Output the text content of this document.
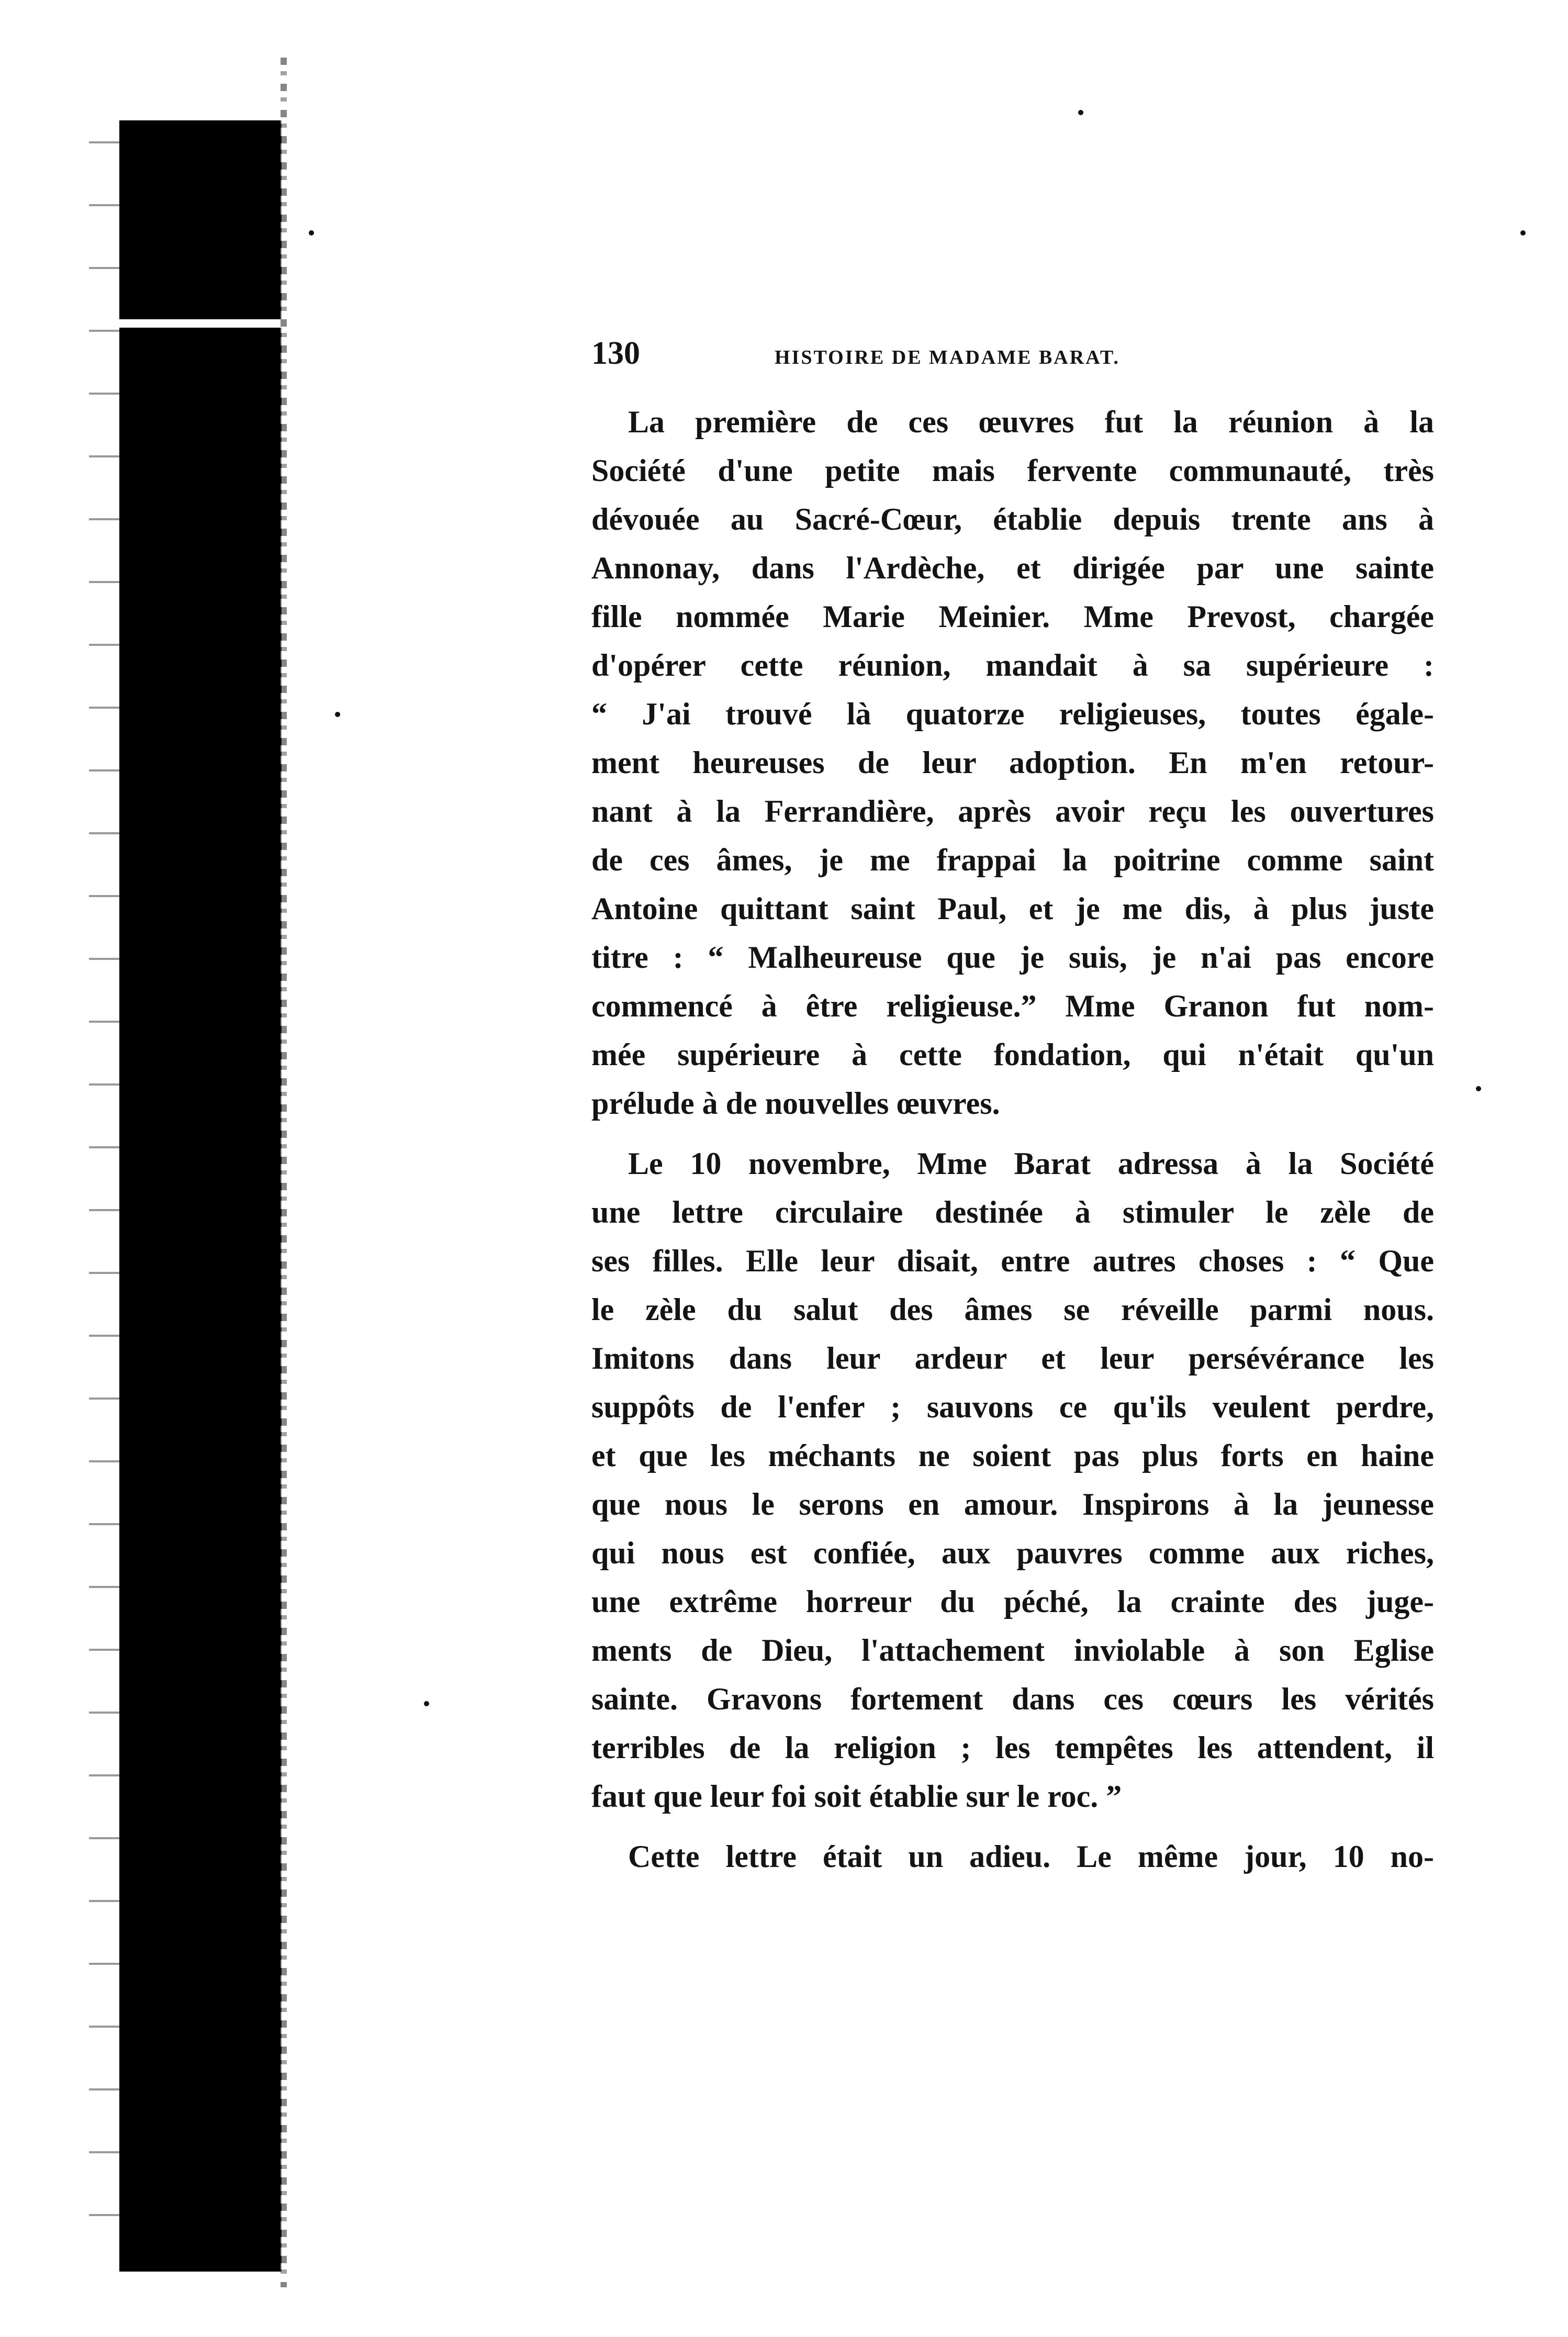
130	HISTOIRE DE MADAME BARAT.

La première de ces œuvres fut la réunion à la

Société d'une petite mais fervente communauté, très

dévouée au Sacré-Cœur, établie depuis trente ans à

Annonay, dans l'Ardèche, et dirigée par une sainte

fille nommée Marie Meinier. Mme Prevost, chargée

d'opérer cette réunion, mandait à sa supérieure :

“ J'ai trouvé là quatorze religieuses, toutes égale-

ment heureuses de leur adoption. En m'en retour-

nant à la Ferrandière, après avoir reçu les ouvertures

de ces âmes, je me frappai la poitrine comme saint

Antoine quittant saint Paul, et je me dis, à plus juste

titre : “ Malheureuse que je suis, je n'ai pas encore

commencé à être religieuse.” Mme Granon fut nom-

mée supérieure à cette fondation, qui n'était qu'un

prélude à de nouvelles œuvres.

Le 10 novembre, Mme Barat adressa à la Société

une lettre circulaire destinée à stimuler le zèle de

ses filles. Elle leur disait, entre autres choses : “ Que

le zèle du salut des âmes se réveille parmi nous.

Imitons dans leur ardeur et leur persévérance les

suppôts de l'enfer ; sauvons ce qu'ils veulent perdre,

et que les méchants ne soient pas plus forts en haine

que nous le serons en amour. Inspirons à la jeunesse

qui nous est confiée, aux pauvres comme aux riches,

une extrême horreur du péché, la crainte des juge-

ments de Dieu, l'attachement inviolable à son Eglise

sainte. Gravons fortement dans ces cœurs les vérités

terribles de la religion ; les tempêtes les attendent, il

faut que leur foi soit établie sur le roc. ”

Cette lettre était un adieu. Le même jour, 10 no-
